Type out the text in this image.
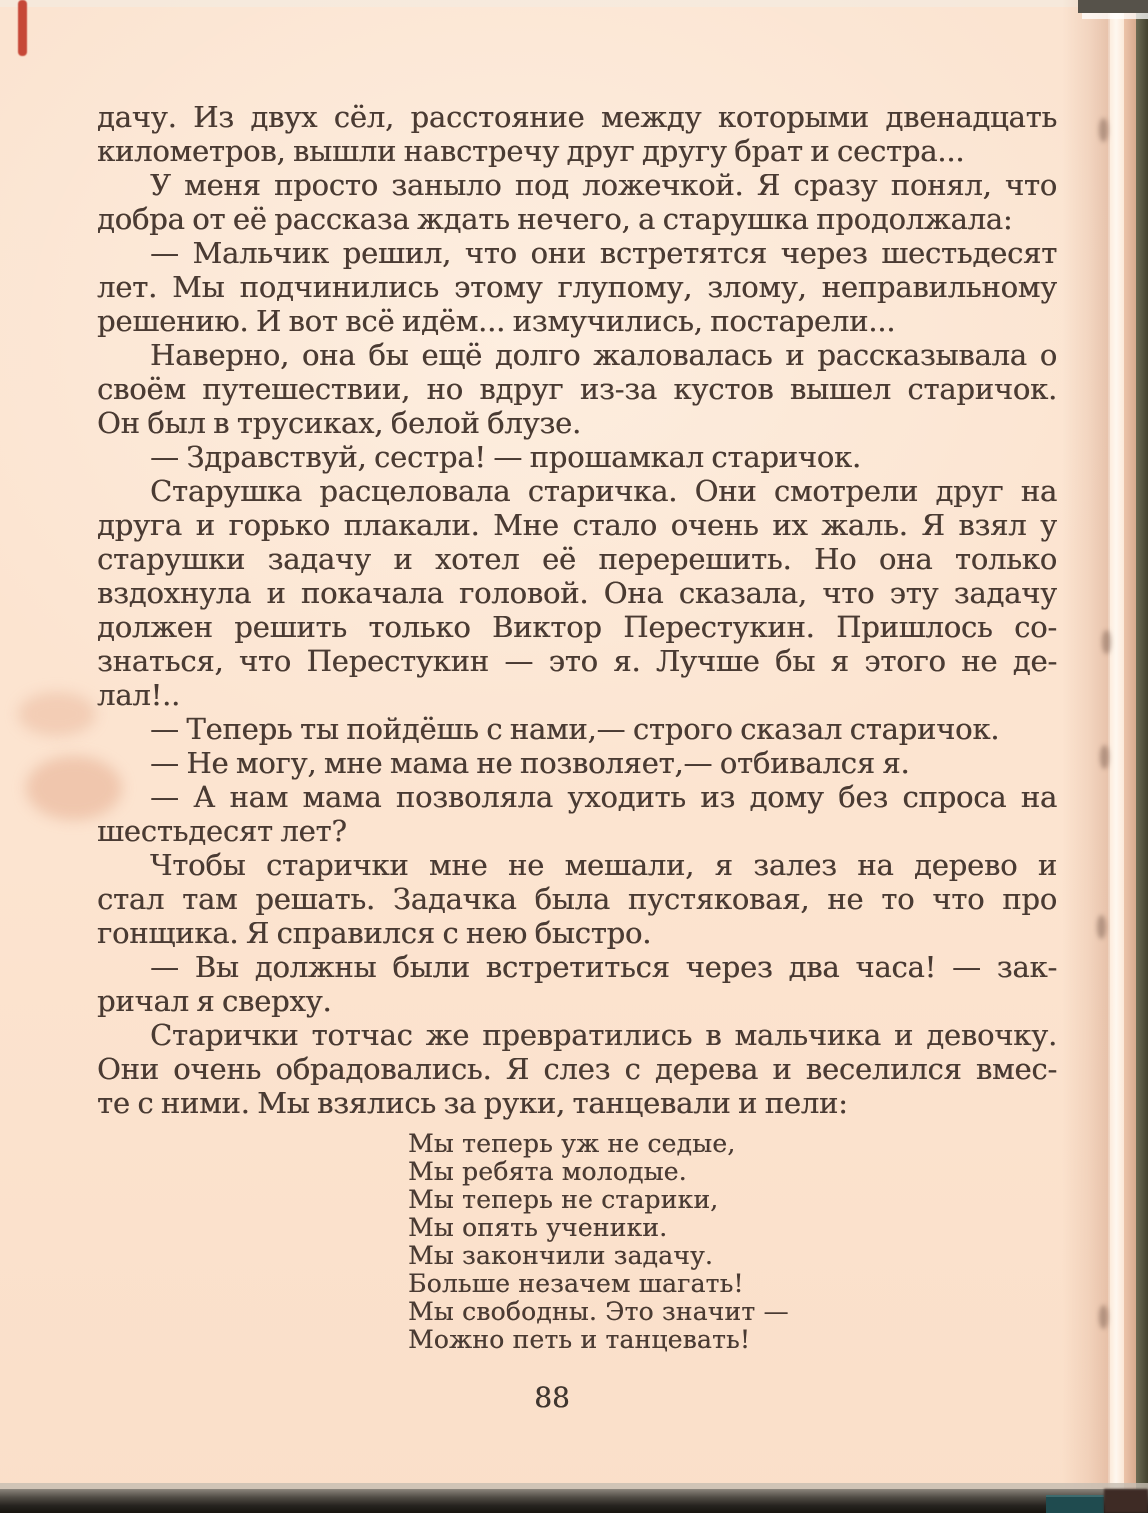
дачу. Из двух сёл, расстояние между которыми двенадцать
километров, вышли навстречу друг другу брат и сестра...
У меня просто заныло под ложечкой. Я сразу понял, что
добра от её рассказа ждать нечего, а старушка продолжала:
— Мальчик решил, что они встретятся через шестьдесят
лет. Мы подчинились этому глупому, злому, неправильному
решению. И вот всё идём... измучились, постарели...
Наверно, она бы ещё долго жаловалась и рассказывала о
своём путешествии, но вдруг из-за кустов вышел старичок.
Он был в трусиках, белой блузе.
— Здравствуй, сестра! — прошамкал старичок.
Старушка расцеловала старичка. Они смотрели друг на
друга и горько плакали. Мне стало очень их жаль. Я взял у
старушки задачу и хотел её перерешить. Но она только
вздохнула и покачала головой. Она сказала, что эту задачу
должен решить только Виктор Перестукин. Пришлось со-
знаться, что Перестукин — это я. Лучше бы я этого не де-
лал!..
— Теперь ты пойдёшь с нами,— строго сказал старичок.
— Не могу, мне мама не позволяет,— отбивался я.
— А нам мама позволяла уходить из дому без спроса на
шестьдесят лет?
Чтобы старички мне не мешали, я залез на дерево и
стал там решать. Задачка была пустяковая, не то что про
гонщика. Я справился с нею быстро.
— Вы должны были встретиться через два часа! — зак-
ричал я сверху.
Старички тотчас же превратились в мальчика и девочку.
Они очень обрадовались. Я слез с дерева и веселился вмес-
те с ними. Мы взялись за руки, танцевали и пели:
Мы теперь уж не седые,
Мы ребята молодые.
Мы теперь не старики,
Мы опять ученики.
Мы закончили задачу.
Больше незачем шагать!
Мы свободны. Это значит —
Можно петь и танцевать!
88
